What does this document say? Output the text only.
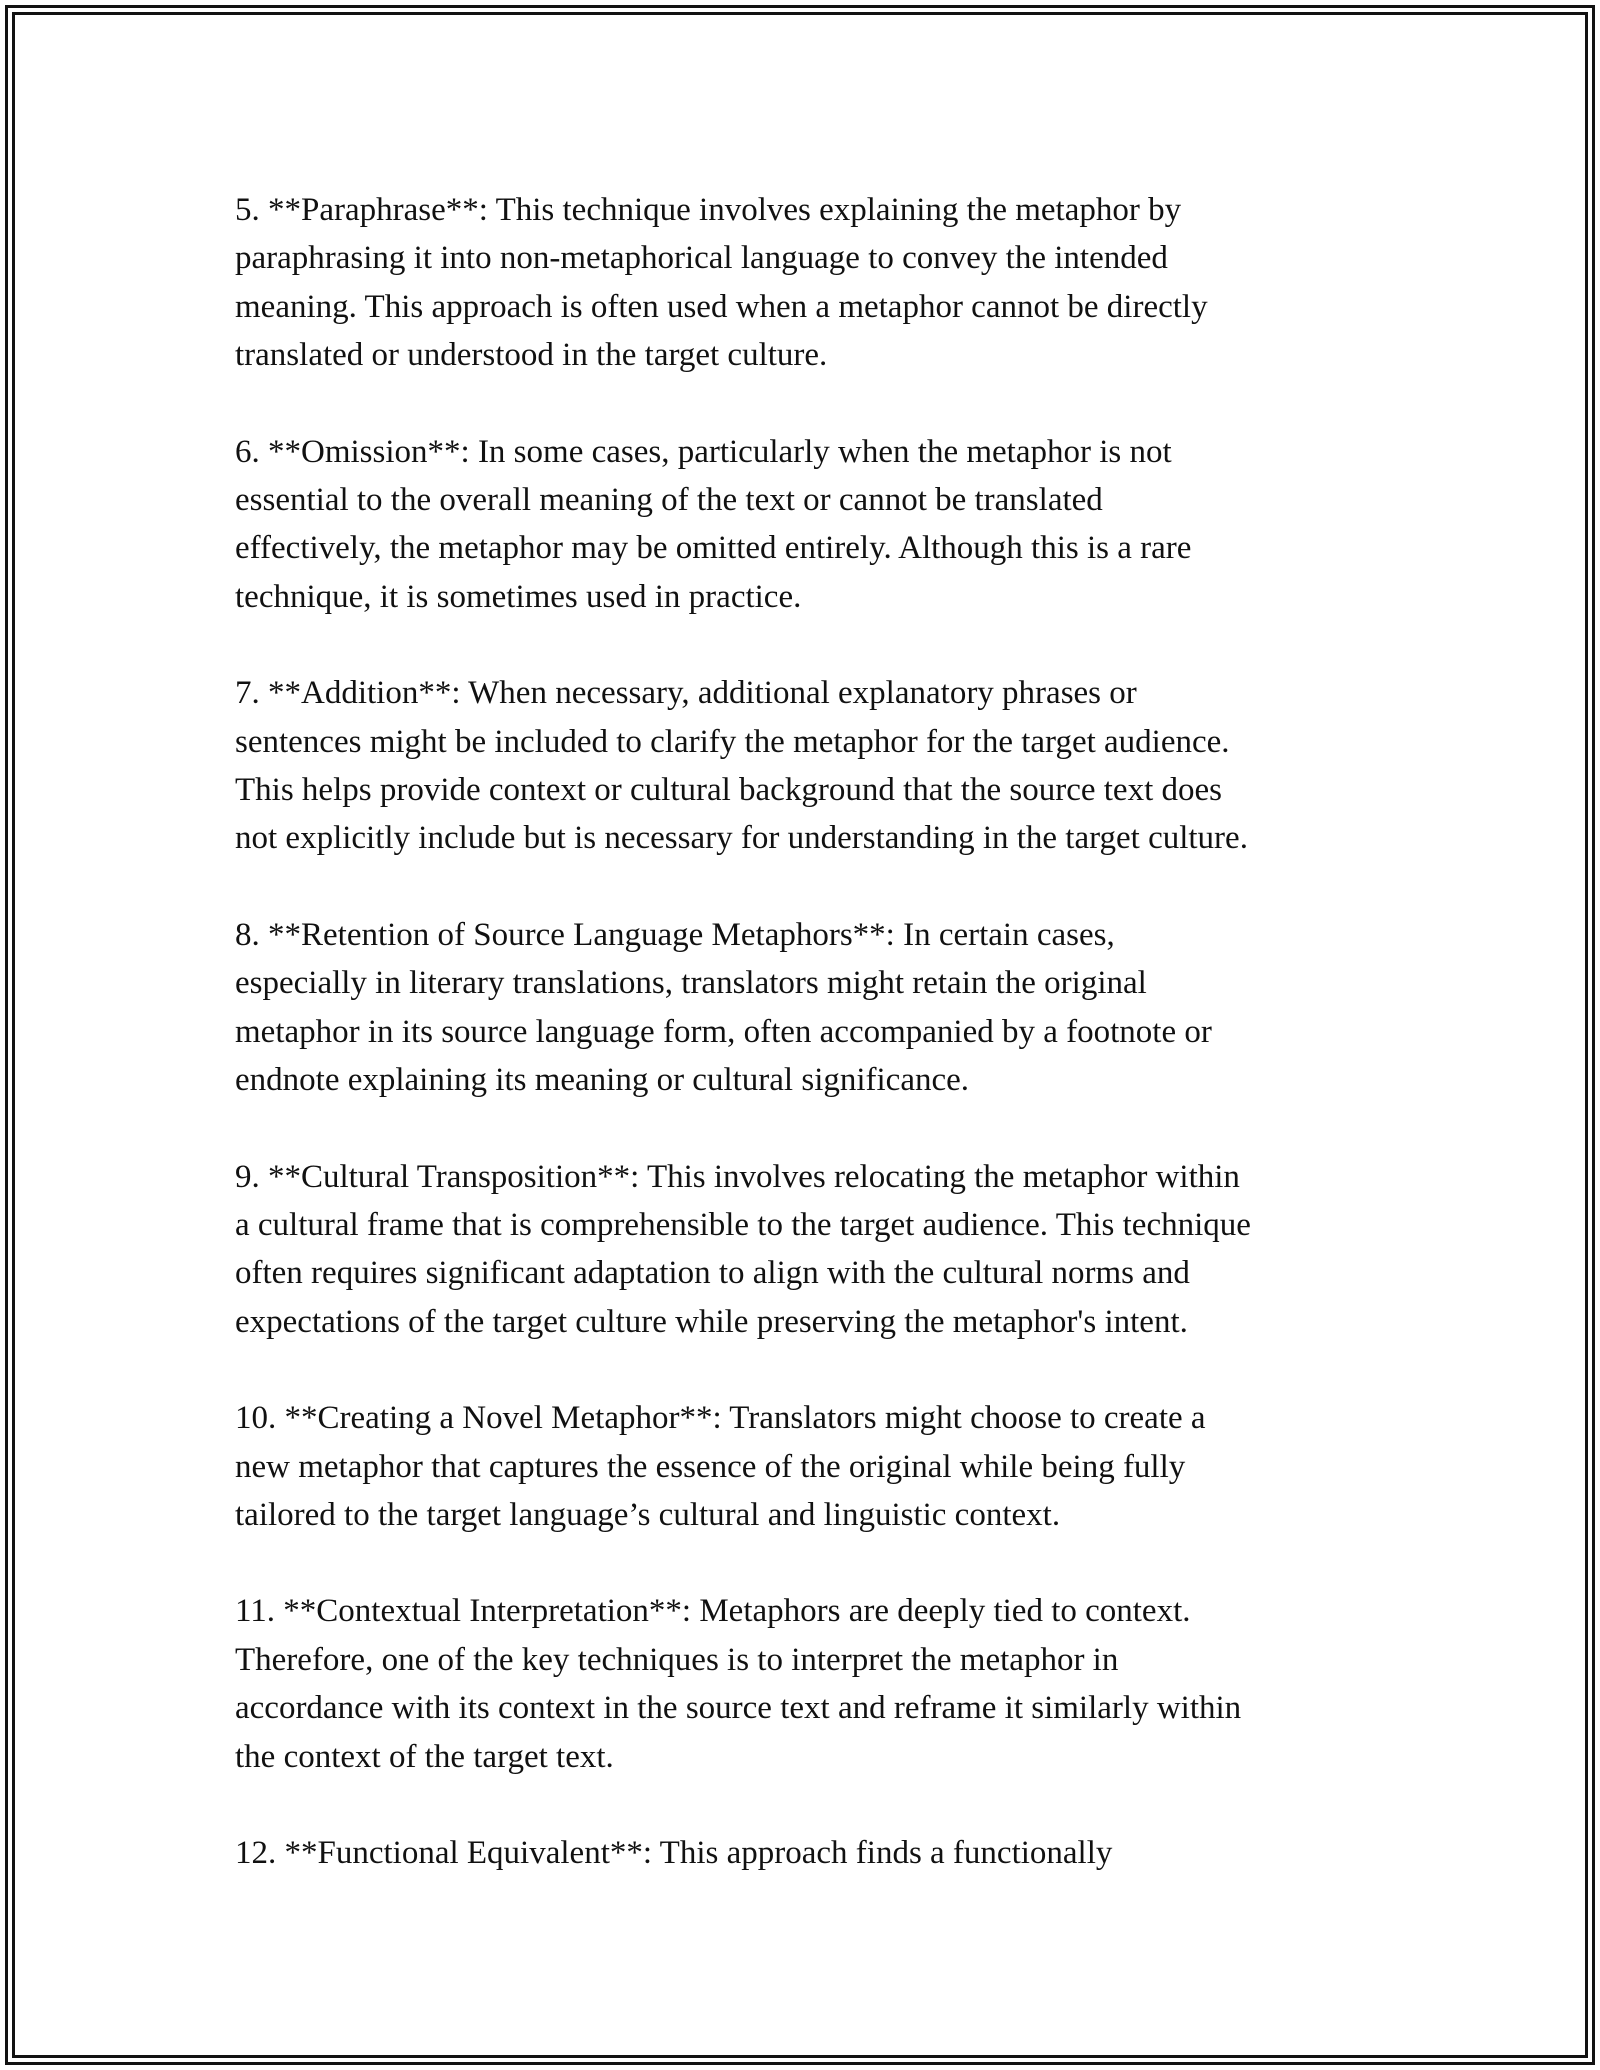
5. **Paraphrase**: This technique involves explaining the metaphor by
paraphrasing it into non-metaphorical language to convey the intended
meaning. This approach is often used when a metaphor cannot be directly
translated or understood in the target culture.

6. **Omission**: In some cases, particularly when the metaphor is not
essential to the overall meaning of the text or cannot be translated
effectively, the metaphor may be omitted entirely. Although this is a rare
technique, it is sometimes used in practice.

7. **Addition**: When necessary, additional explanatory phrases or
sentences might be included to clarify the metaphor for the target audience.
This helps provide context or cultural background that the source text does
not explicitly include but is necessary for understanding in the target culture.

8. **Retention of Source Language Metaphors**: In certain cases,
especially in literary translations, translators might retain the original
metaphor in its source language form, often accompanied by a footnote or
endnote explaining its meaning or cultural significance.

9. **Cultural Transposition**: This involves relocating the metaphor within
a cultural frame that is comprehensible to the target audience. This technique
often requires significant adaptation to align with the cultural norms and
expectations of the target culture while preserving the metaphor's intent.

10. **Creating a Novel Metaphor**: Translators might choose to create a
new metaphor that captures the essence of the original while being fully
tailored to the target language’s cultural and linguistic context.

11. **Contextual Interpretation**: Metaphors are deeply tied to context.
Therefore, one of the key techniques is to interpret the metaphor in
accordance with its context in the source text and reframe it similarly within
the context of the target text.

12. **Functional Equivalent**: This approach finds a functionally
